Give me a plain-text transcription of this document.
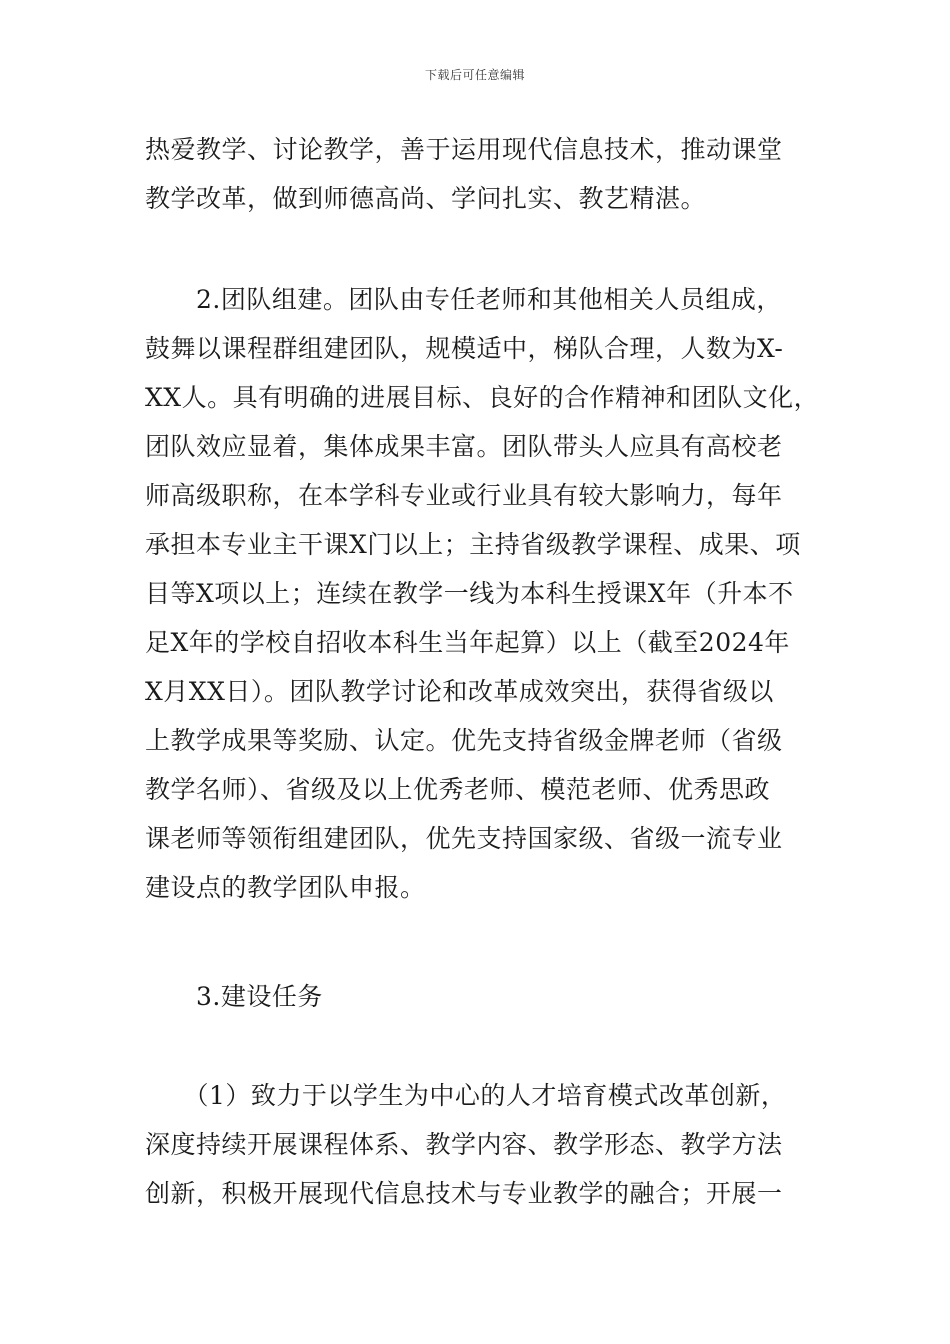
下载后可任意编辑
热爱教学、讨论教学，善于运用现代信息技术，推动课堂
教学改革，做到师德高尚、学问扎实、教艺精湛。
　　2.团队组建。团队由专任老师和其他相关人员组成，
鼓舞以课程群组建团队，规模适中，梯队合理，人数为X-
XX人。具有明确的进展目标、良好的合作精神和团队文化，
团队效应显着，集体成果丰富。团队带头人应具有高校老
师高级职称，在本学科专业或行业具有较大影响力，每年
承担本专业主干课X门以上；主持省级教学课程、成果、项
目等X项以上；连续在教学一线为本科生授课X年（升本不
足X年的学校自招收本科生当年起算）以上（截至2024年
X月XX日）。团队教学讨论和改革成效突出，获得省级以
上教学成果等奖励、认定。优先支持省级金牌老师（省级
教学名师）、省级及以上优秀老师、模范老师、优秀思政
课老师等领衔组建团队，优先支持国家级、省级一流专业
建设点的教学团队申报。
　　3.建设任务
　　（1）致力于以学生为中心的人才培育模式改革创新，
深度持续开展课程体系、教学内容、教学形态、教学方法
创新，积极开展现代信息技术与专业教学的融合；开展一
